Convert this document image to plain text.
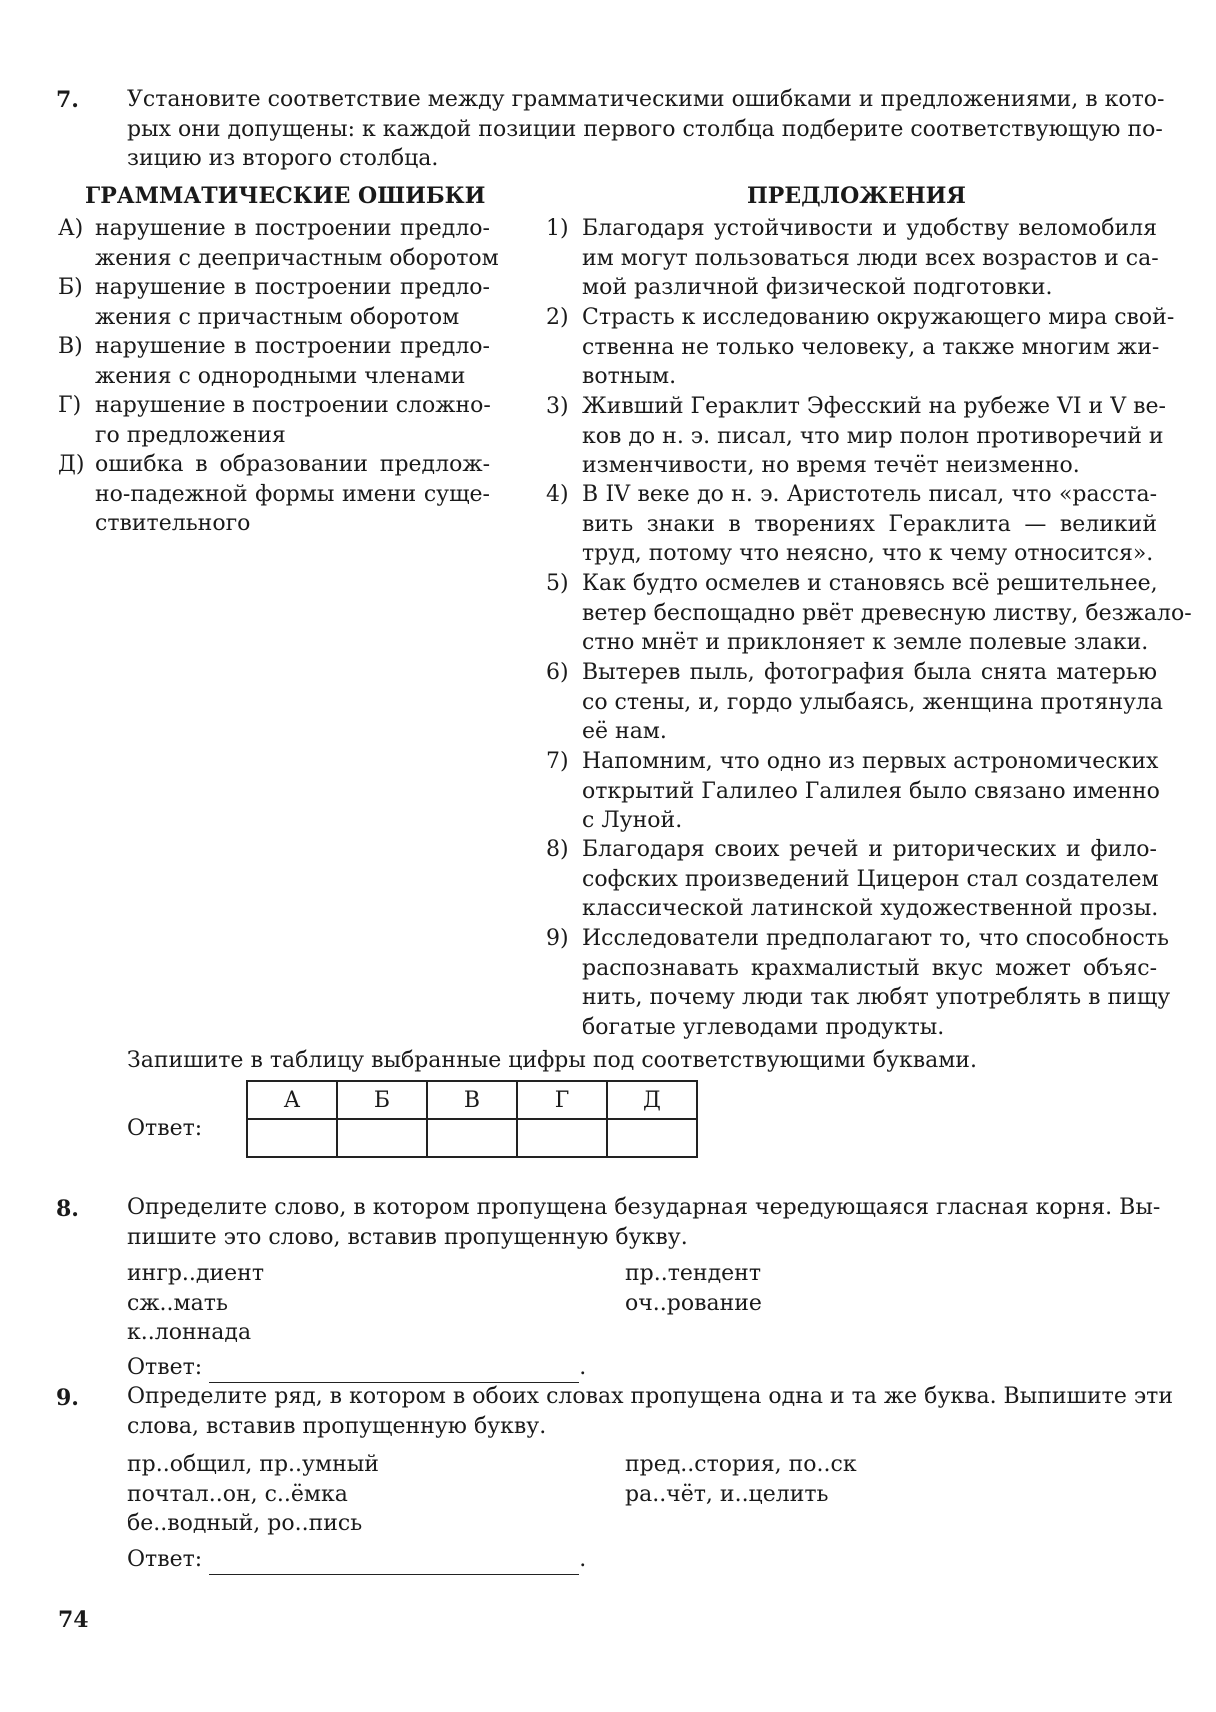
7. Установите соответствие между грамматическими ошибками и предложениями, в кото-
рых они допущены: к каждой позиции первого столбца подберите соответствующую по-
зицию из второго столбца.
ГРАММАТИЧЕСКИЕ ОШИБКИ	ПРЕДЛОЖЕНИЯ
А) нарушение в построении предло-
жения с деепричастным оборотом
Б) нарушение в построении предло-
жения с причастным оборотом
В) нарушение в построении предло-
жения с однородными членами
Г) нарушение в построении сложно-
го предложения
Д) ошибка в образовании предлож-
но-падежной формы имени суще-
ствительного
1) Благодаря устойчивости и удобству веломобиля
им могут пользоваться люди всех возрастов и са-
мой различной физической подготовки.
2) Страсть к исследованию окружающего мира свой-
ственна не только человеку, а также многим жи-
вотным.
3) Живший Гераклит Эфесский на рубеже VI и V ве-
ков до н. э. писал, что мир полон противоречий и
изменчивости, но время течёт неизменно.
4) В IV веке до н. э. Аристотель писал, что «расста-
вить знаки в творениях Гераклита — великий
труд, потому что неясно, что к чему относится».
5) Как будто осмелев и становясь всё решительнее,
ветер беспощадно рвёт древесную листву, безжало-
стно мнёт и приклоняет к земле полевые злаки.
6) Вытерев пыль, фотография была снята матерью
со стены, и, гордо улыбаясь, женщина протянула
её нам.
7) Напомним, что одно из первых астрономических
открытий Галилео Галилея было связано именно
с Луной.
8) Благодаря своих речей и риторических и фило-
софских произведений Цицерон стал создателем
классической латинской художественной прозы.
9) Исследователи предполагают то, что способность
распознавать крахмалистый вкус может объяс-
нить, почему люди так любят употреблять в пищу
богатые углеводами продукты.
Запишите в таблицу выбранные цифры под соответствующими буквами.
Ответ:
А	Б	В	Г	Д

8. Определите слово, в котором пропущена безударная чередующаяся гласная корня. Вы-
пишите это слово, вставив пропущенную букву.
ингр..диент
сж..мать
к..лоннада
пр..тендент
оч..рование
Ответ:	.
9. Определите ряд, в котором в обоих словах пропущена одна и та же буква. Выпишите эти
слова, вставив пропущенную букву.
пр..общил, пр..умный
почтал..он, с..ёмка
бе..водный, ро..пись
пред..стория, по..ск
ра..чёт, и..целить
Ответ:	.
74
